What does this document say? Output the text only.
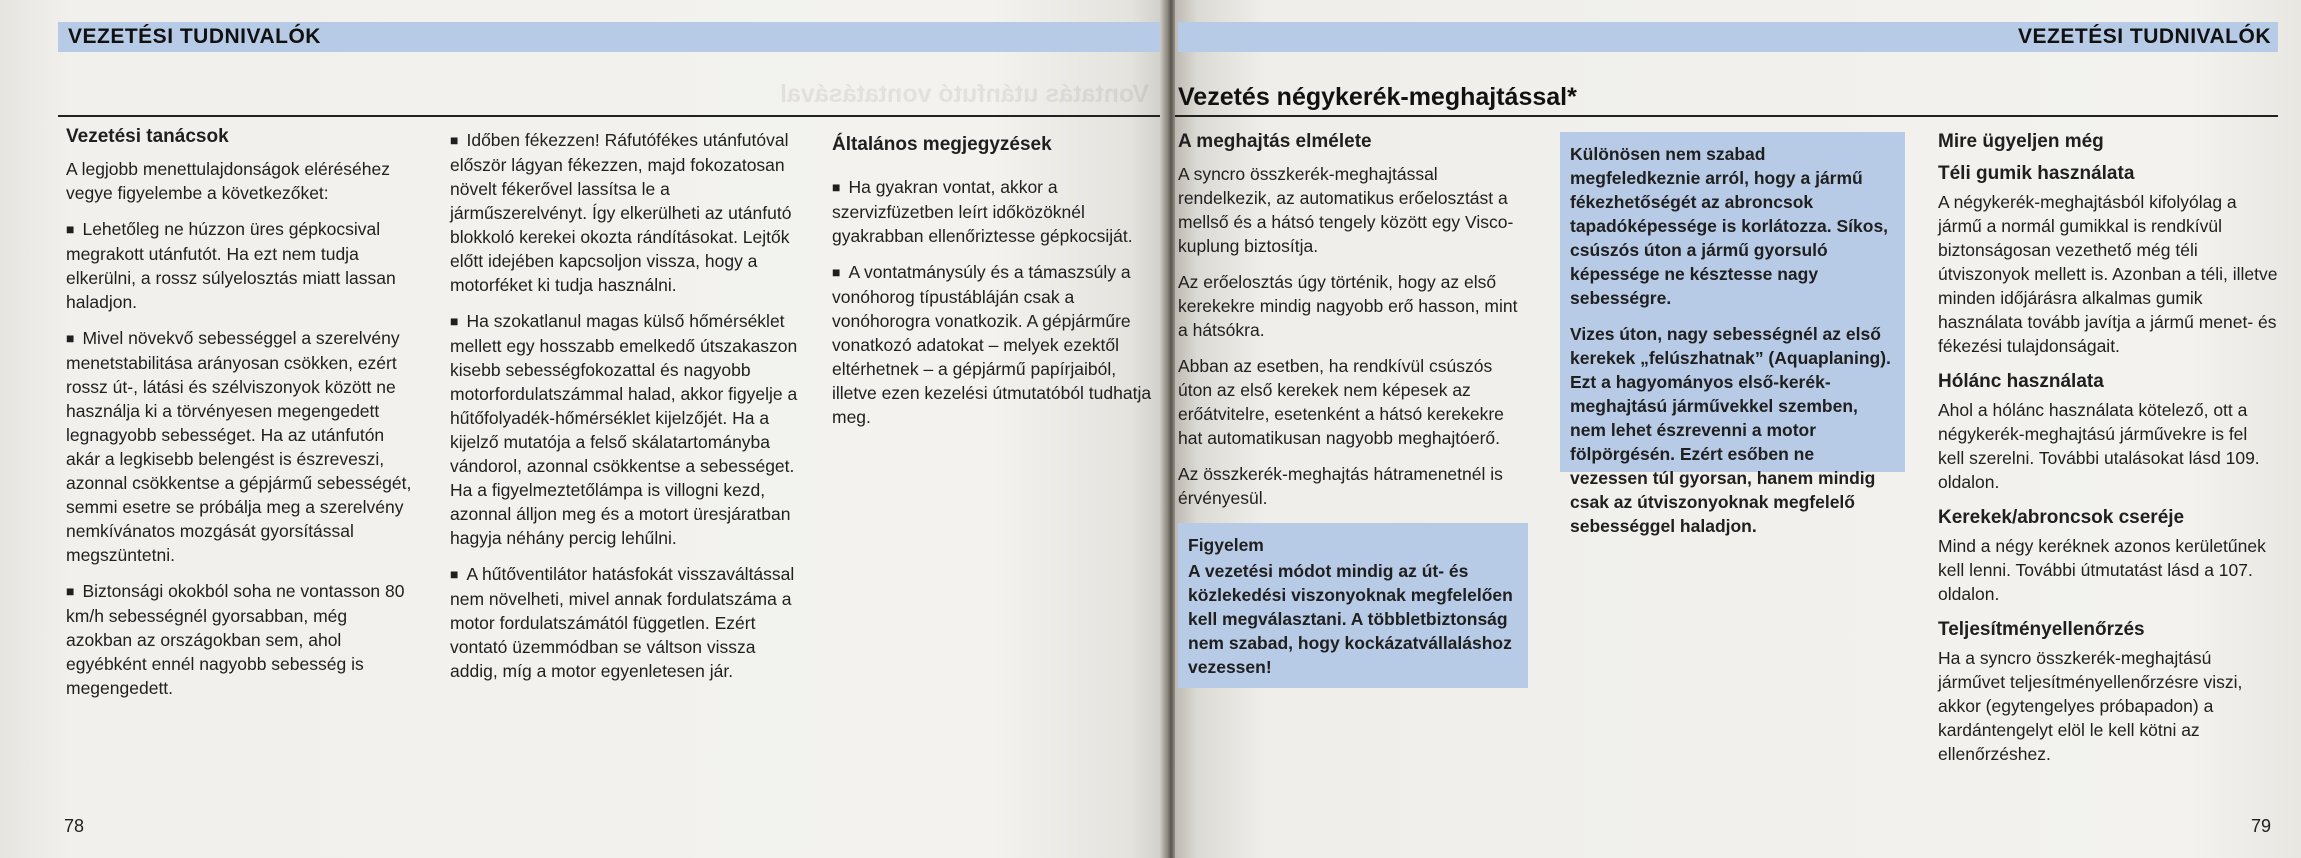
Vontatás utánfutó vontatásával
VEZETÉSI TUDNIVALÓK
Vezetési tanácsok

A legjobb menettulajdonságok eléréséhez vegye figyelembe a következőket:

■ Lehetőleg ne húzzon üres gépkocsival megrakott utánfutót. Ha ezt nem tudja elkerülni, a rossz súlyelosztás miatt lassan haladjon.

■ Mivel növekvő sebességgel a szerelvény menetstabilitása arányosan csökken, ezért rossz út-, látási és szélviszonyok között ne használja ki a törvényesen megengedett legnagyobb sebességet. Ha az utánfutón akár a legkisebb belengést is észreveszi, azonnal csökkentse a gépjármű sebességét, semmi esetre se próbálja meg a szerelvény nemkívánatos mozgását gyorsítással megszüntetni.

■ Biztonsági okokból soha ne vontasson 80 km/h sebességnél gyorsabban, még azokban az országokban sem, ahol egyébként ennél nagyobb sebesség is megengedett.

■ Időben fékezzen! Ráfutófékes utánfutóval először lágyan fékezzen, majd fokozatosan növelt fékerővel lassítsa le a járműszerelvényt. Így elkerülheti az utánfutó blokkoló kerekei okozta rándításokat. Lejtők előtt idejében kapcsoljon vissza, hogy a motorféket ki tudja használni.

■ Ha szokatlanul magas külső hőmérséklet mellett egy hosszabb emelkedő útszakaszon kisebb sebességfokozattal és nagyobb motorfordulatszámmal halad, akkor figyelje a hűtőfolyadék-hőmérséklet kijelzőjét. Ha a kijelző mutatója a felső skálatartományba vándorol, azonnal csökkentse a sebességet. Ha a figyelmeztetőlámpa is villogni kezd, azonnal álljon meg és a motort üresjáratban hagyja néhány percig lehűlni.

■ A hűtőventilátor hatásfokát visszaváltással nem növelheti, mivel annak fordulatszáma a motor fordulatszámától független. Ezért vontató üzemmódban se váltson vissza addig, míg a motor egyenletesen jár.

Általános megjegyzések

■ Ha gyakran vontat, akkor a szervizfüzetben leírt időközöknél gyakrabban ellenőriztesse gépkocsiját.

■ A vontatmánysúly és a támaszsúly a vonóhorog típustábláján csak a vonóhorogra vonatkozik. A gépjárműre vonatkozó adatokat – melyek ezektől eltérhetnek – a gépjármű papírjaiból, illetve ezen kezelési útmutatóból tudhatja meg.

78
VEZETÉSI TUDNIVALÓK
Vezetés négykerék-meghajtással*
A meghajtás elmélete

A syncro összkerék-meghajtással rendelkezik, az automatikus erőelosztást a mellső és a hátsó tengely között egy Visco-kuplung biztosítja.

Az erőelosztás úgy történik, hogy az első kerekekre mindig nagyobb erő hasson, mint a hátsókra.

Abban az esetben, ha rendkívül csúszós úton az első kerekek nem képesek az erőátvitelre, esetenként a hátsó kerekekre hat automatikusan nagyobb meghajtóerő.

Az összkerék-meghajtás hátramenetnél is érvényesül.

Figyelem
A vezetési módot mindig az út- és közlekedési viszonyoknak megfelelően kell megválasztani. A többletbiztonság nem szabad, hogy kockázatvállaláshoz vezessen!

Különösen nem szabad megfeledkeznie arról, hogy a jármű fékezhetőségét az abroncsok tapadóképessége is korlátozza. Síkos, csúszós úton a jármű gyorsuló képessége ne késztesse nagy sebességre.

Vizes úton, nagy sebességnél az első kerekek „felúszhatnak” (Aquaplaning). Ezt a hagyományos első-kerék-meghajtású járművekkel szemben, nem lehet észrevenni a motor fölpörgésén. Ezért esőben ne vezessen túl gyorsan, hanem mindig csak az útviszonyoknak megfelelő sebességgel haladjon.

Mire ügyeljen még
Téli gumik használata

A négykerék-meghajtásból kifolyólag a jármű a normál gumikkal is rendkívül biztonságosan vezethető még téli útviszonyok mellett is. Azonban a téli, illetve minden időjárásra alkalmas gumik használata tovább javítja a jármű menet- és fékezési tulajdonságait.

Hólánc használata

Ahol a hólánc használata kötelező, ott a négykerék-meghajtású járművekre is fel kell szerelni. További utalásokat lásd 109. oldalon.

Kerekek/abroncsok cseréje

Mind a négy keréknek azonos kerületűnek kell lenni. További útmutatást lásd a 107. oldalon.

Teljesítményellenőrzés

Ha a syncro összkerék-meghajtású járművet teljesítményellenőrzésre viszi, akkor (egytengelyes próbapadon) a kardántengelyt elöl le kell kötni az ellenőrzéshez.

79
